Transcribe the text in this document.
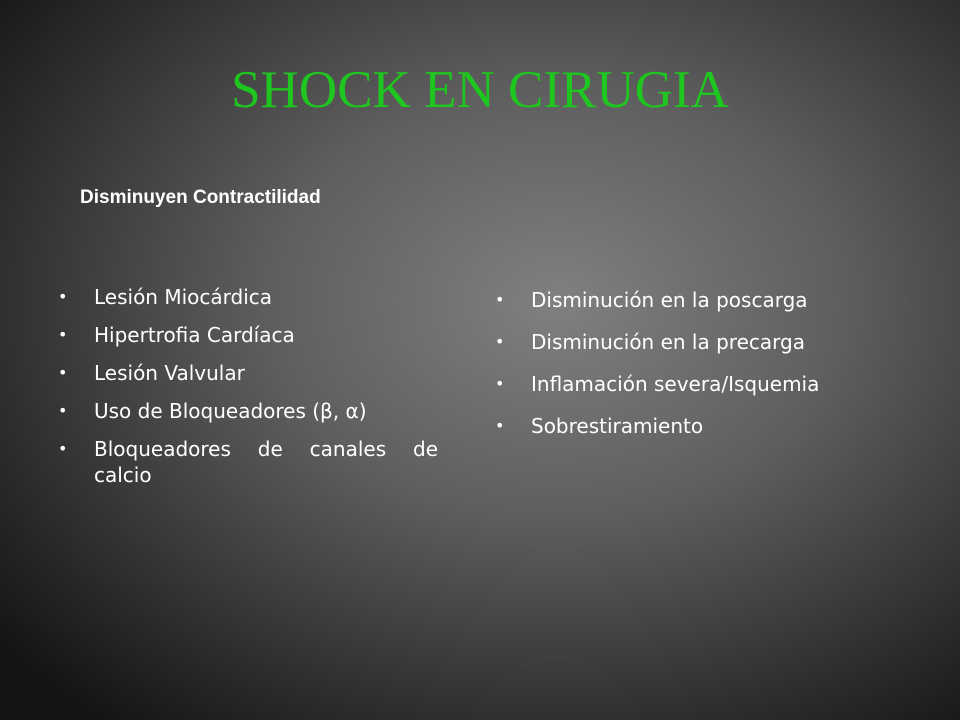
SHOCK EN CIRUGIA

Disminuyen Contractilidad

• Lesión Miocárdica
• Hipertrofia Cardíaca
• Lesión Valvular
• Uso de Bloqueadores (β, α)
• Bloqueadores de canales de calcio
• Disminución en la poscarga
• Disminución en la precarga
• Inflamación severa/Isquemia
• Sobrestiramiento
